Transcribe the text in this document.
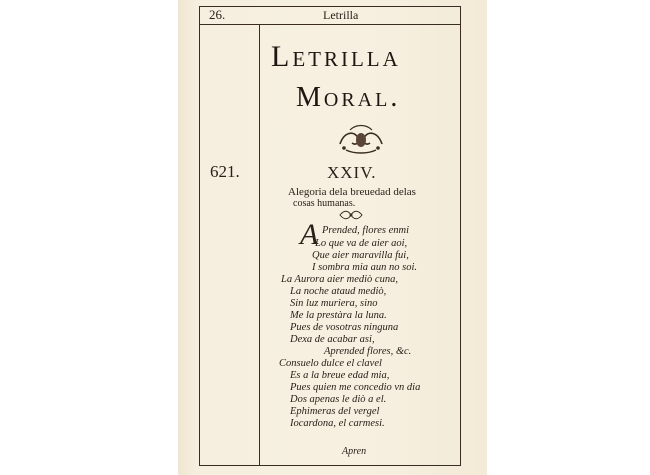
26.	Letrilla
Letrilla
Moral.
621.	XXIV.
Alegoria dela breuedad delas
cosas humanas.
A Prended, flores enmi
Lo que va de aier aoi,
Que aier maravilla fui,
I sombra mia aun no soi.
La Aurora aier mediò cuna,
La noche ataud mediò,
Sin luz muriera, sino
Me la prestàra la luna.
Pues de vosotras ninguna
Dexa de acabar asi,
Aprended flores, &c.
Consuelo dulce el clavel
Es a la breue edad mia,
Pues quien me concedio vn dia
Dos apenas le diò a el.
Ephimeras del vergel
Iocardona, el carmesi.
Apren
